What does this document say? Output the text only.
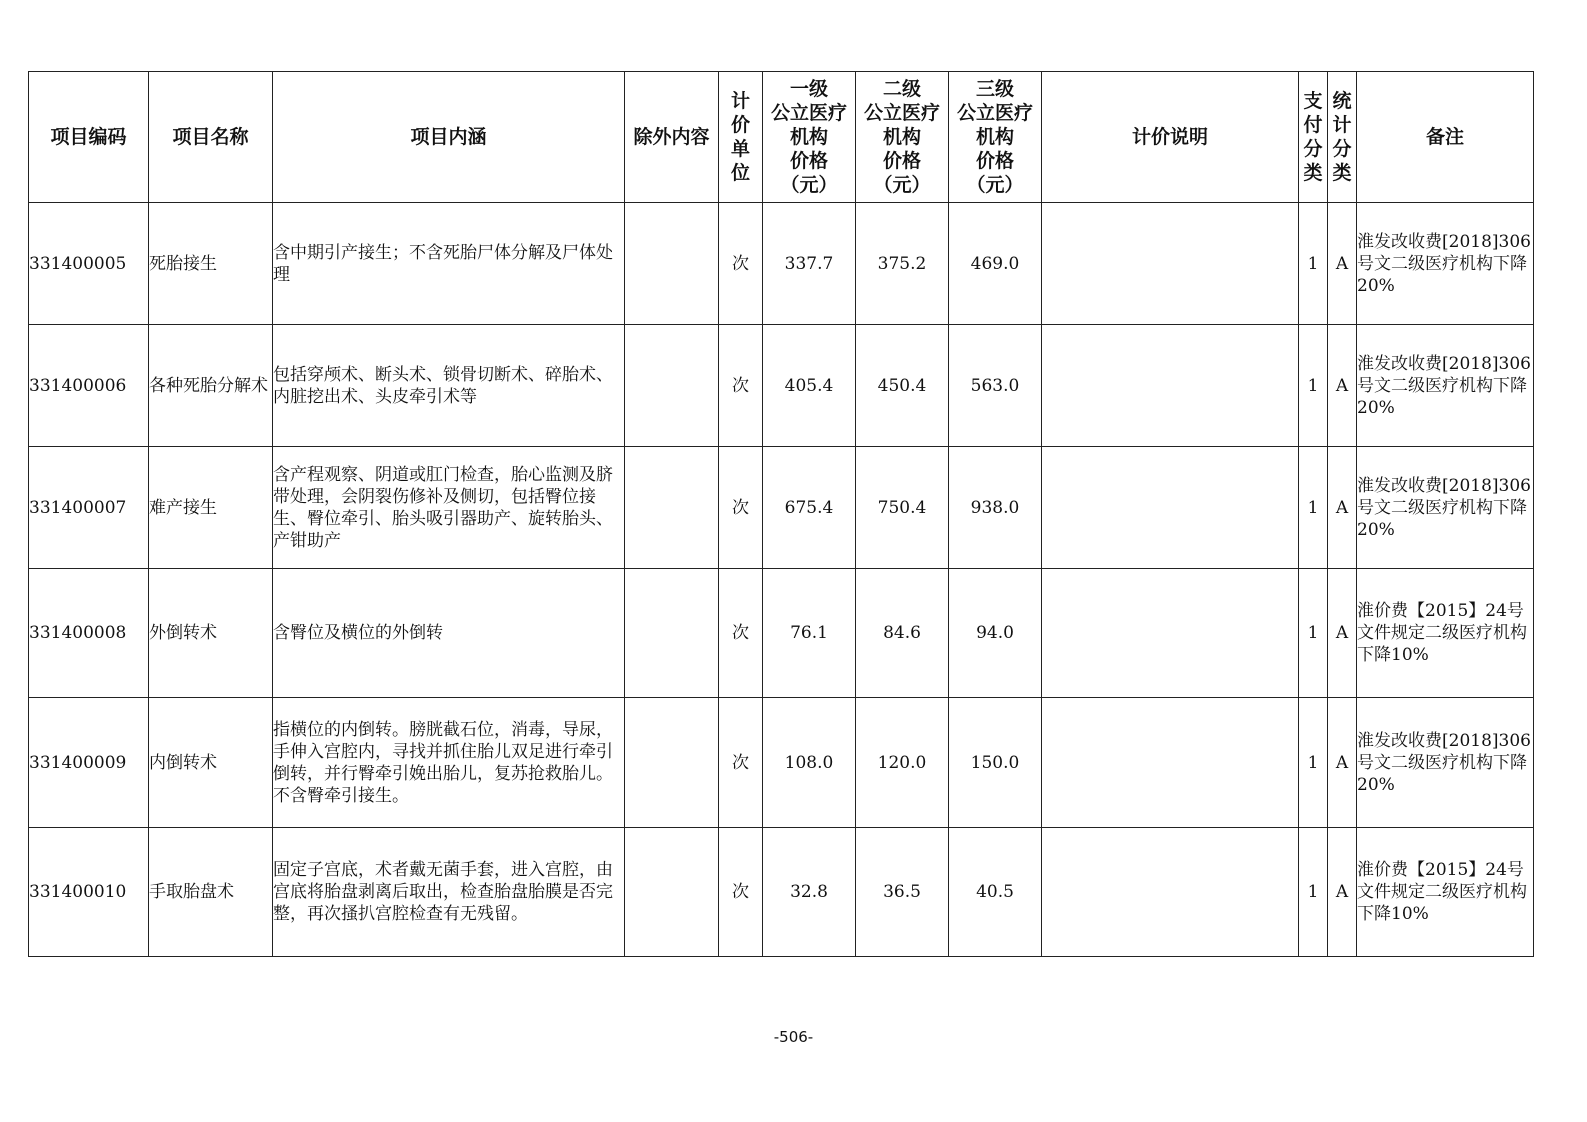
项目编码	项目名称	项目内涵	除外内容	计价单位	一级
公立医疗
机构
价格
（元）	二级
公立医疗
机构
价格
（元）	三级
公立医疗
机构
价格
（元）	计价说明	支付分类	统计分类	备注
331400005	死胎接生	含中期引产接生；不含死胎尸体分解及尸体处理		次	337.7	375.2	469.0		1	A	淮发改收费[2018]306号文二级医疗机构下降20%
331400006	各种死胎分解术	包括穿颅术、断头术、锁骨切断术、碎胎术、内脏挖出术、头皮牵引术等		次	405.4	450.4	563.0		1	A	淮发改收费[2018]306号文二级医疗机构下降20%
331400007	难产接生	含产程观察、阴道或肛门检查，胎心监测及脐带处理，会阴裂伤修补及侧切，包括臀位接生、臀位牵引、胎头吸引器助产、旋转胎头、产钳助产		次	675.4	750.4	938.0		1	A	淮发改收费[2018]306号文二级医疗机构下降20%
331400008	外倒转术	含臀位及横位的外倒转		次	76.1	84.6	94.0		1	A	淮价费【2015】24号文件规定二级医疗机构下降10%
331400009	内倒转术	指横位的内倒转。膀胱截石位，消毒，导尿，手伸入宫腔内，寻找并抓住胎儿双足进行牵引倒转，并行臀牵引娩出胎儿，复苏抢救胎儿。不含臀牵引接生。		次	108.0	120.0	150.0		1	A	淮发改收费[2018]306号文二级医疗机构下降20%
331400010	手取胎盘术	固定子宫底，术者戴无菌手套，进入宫腔，由宫底将胎盘剥离后取出，检查胎盘胎膜是否完整，再次搔扒宫腔检查有无残留。		次	32.8	36.5	40.5		1	A	淮价费【2015】24号文件规定二级医疗机构下降10%
-506-
